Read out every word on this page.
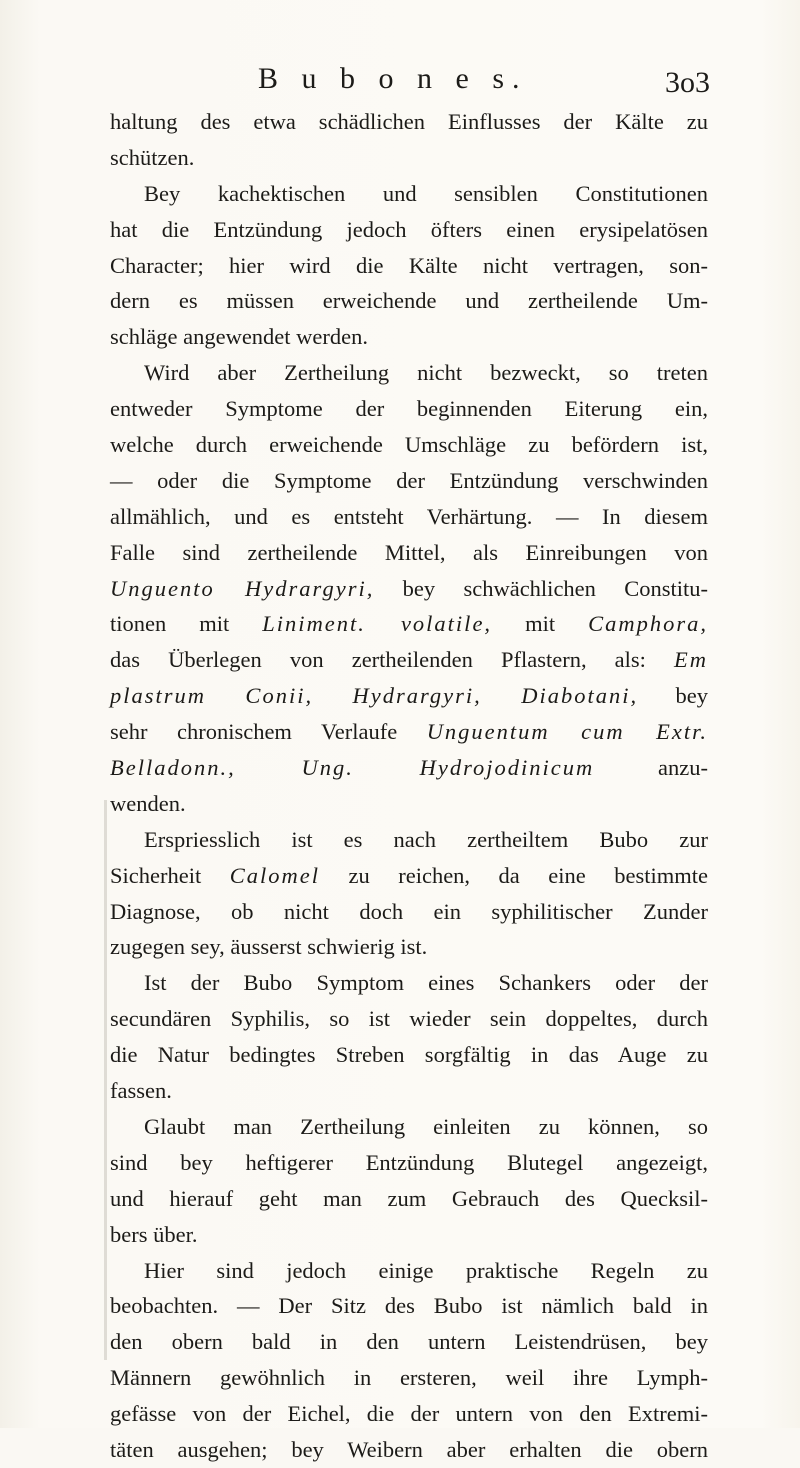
B u b o n e s.	3o3
haltung des etwa schädlichen Einflusses der Kälte zu
schützen.
Bey kachektischen und sensiblen Constitutionen
hat die Entzündung jedoch öfters einen erysipelatösen
Character; hier wird die Kälte nicht vertragen, son-
dern es müssen erweichende und zertheilende Um-
schläge angewendet werden.
Wird aber Zertheilung nicht bezweckt, so treten
entweder Symptome der beginnenden Eiterung ein,
welche durch erweichende Umschläge zu befördern ist,
— oder die Symptome der Entzündung verschwinden
allmählich, und es entsteht Verhärtung. — In diesem
Falle sind zertheilende Mittel, als Einreibungen von
Unguento Hydrargyri, bey schwächlichen Constitu-
tionen mit Liniment. volatile, mit Camphora,
das Überlegen von zertheilenden Pflastern, als: Em
plastrum Conii, Hydrargyri, Diabotani, bey
sehr chronischem Verlaufe Unguentum cum Extr.
Belladonn., Ung. Hydrojodinicum anzu-
wenden.
Erspriesslich ist es nach zertheiltem Bubo zur
Sicherheit Calomel zu reichen, da eine bestimmte
Diagnose, ob nicht doch ein syphilitischer Zunder
zugegen sey, äusserst schwierig ist.
Ist der Bubo Symptom eines Schankers oder der
secundären Syphilis, so ist wieder sein doppeltes, durch
die Natur bedingtes Streben sorgfältig in das Auge zu
fassen.
Glaubt man Zertheilung einleiten zu können, so
sind bey heftigerer Entzündung Blutegel angezeigt,
und hierauf geht man zum Gebrauch des Quecksil-
bers über.
Hier sind jedoch einige praktische Regeln zu
beobachten. — Der Sitz des Bubo ist nämlich bald in
den obern bald in den untern Leistendrüsen, bey
Männern gewöhnlich in ersteren, weil ihre Lymph-
gefässe von der Eichel, die der untern von den Extremi-
täten ausgehen; bey Weibern aber erhalten die obern
